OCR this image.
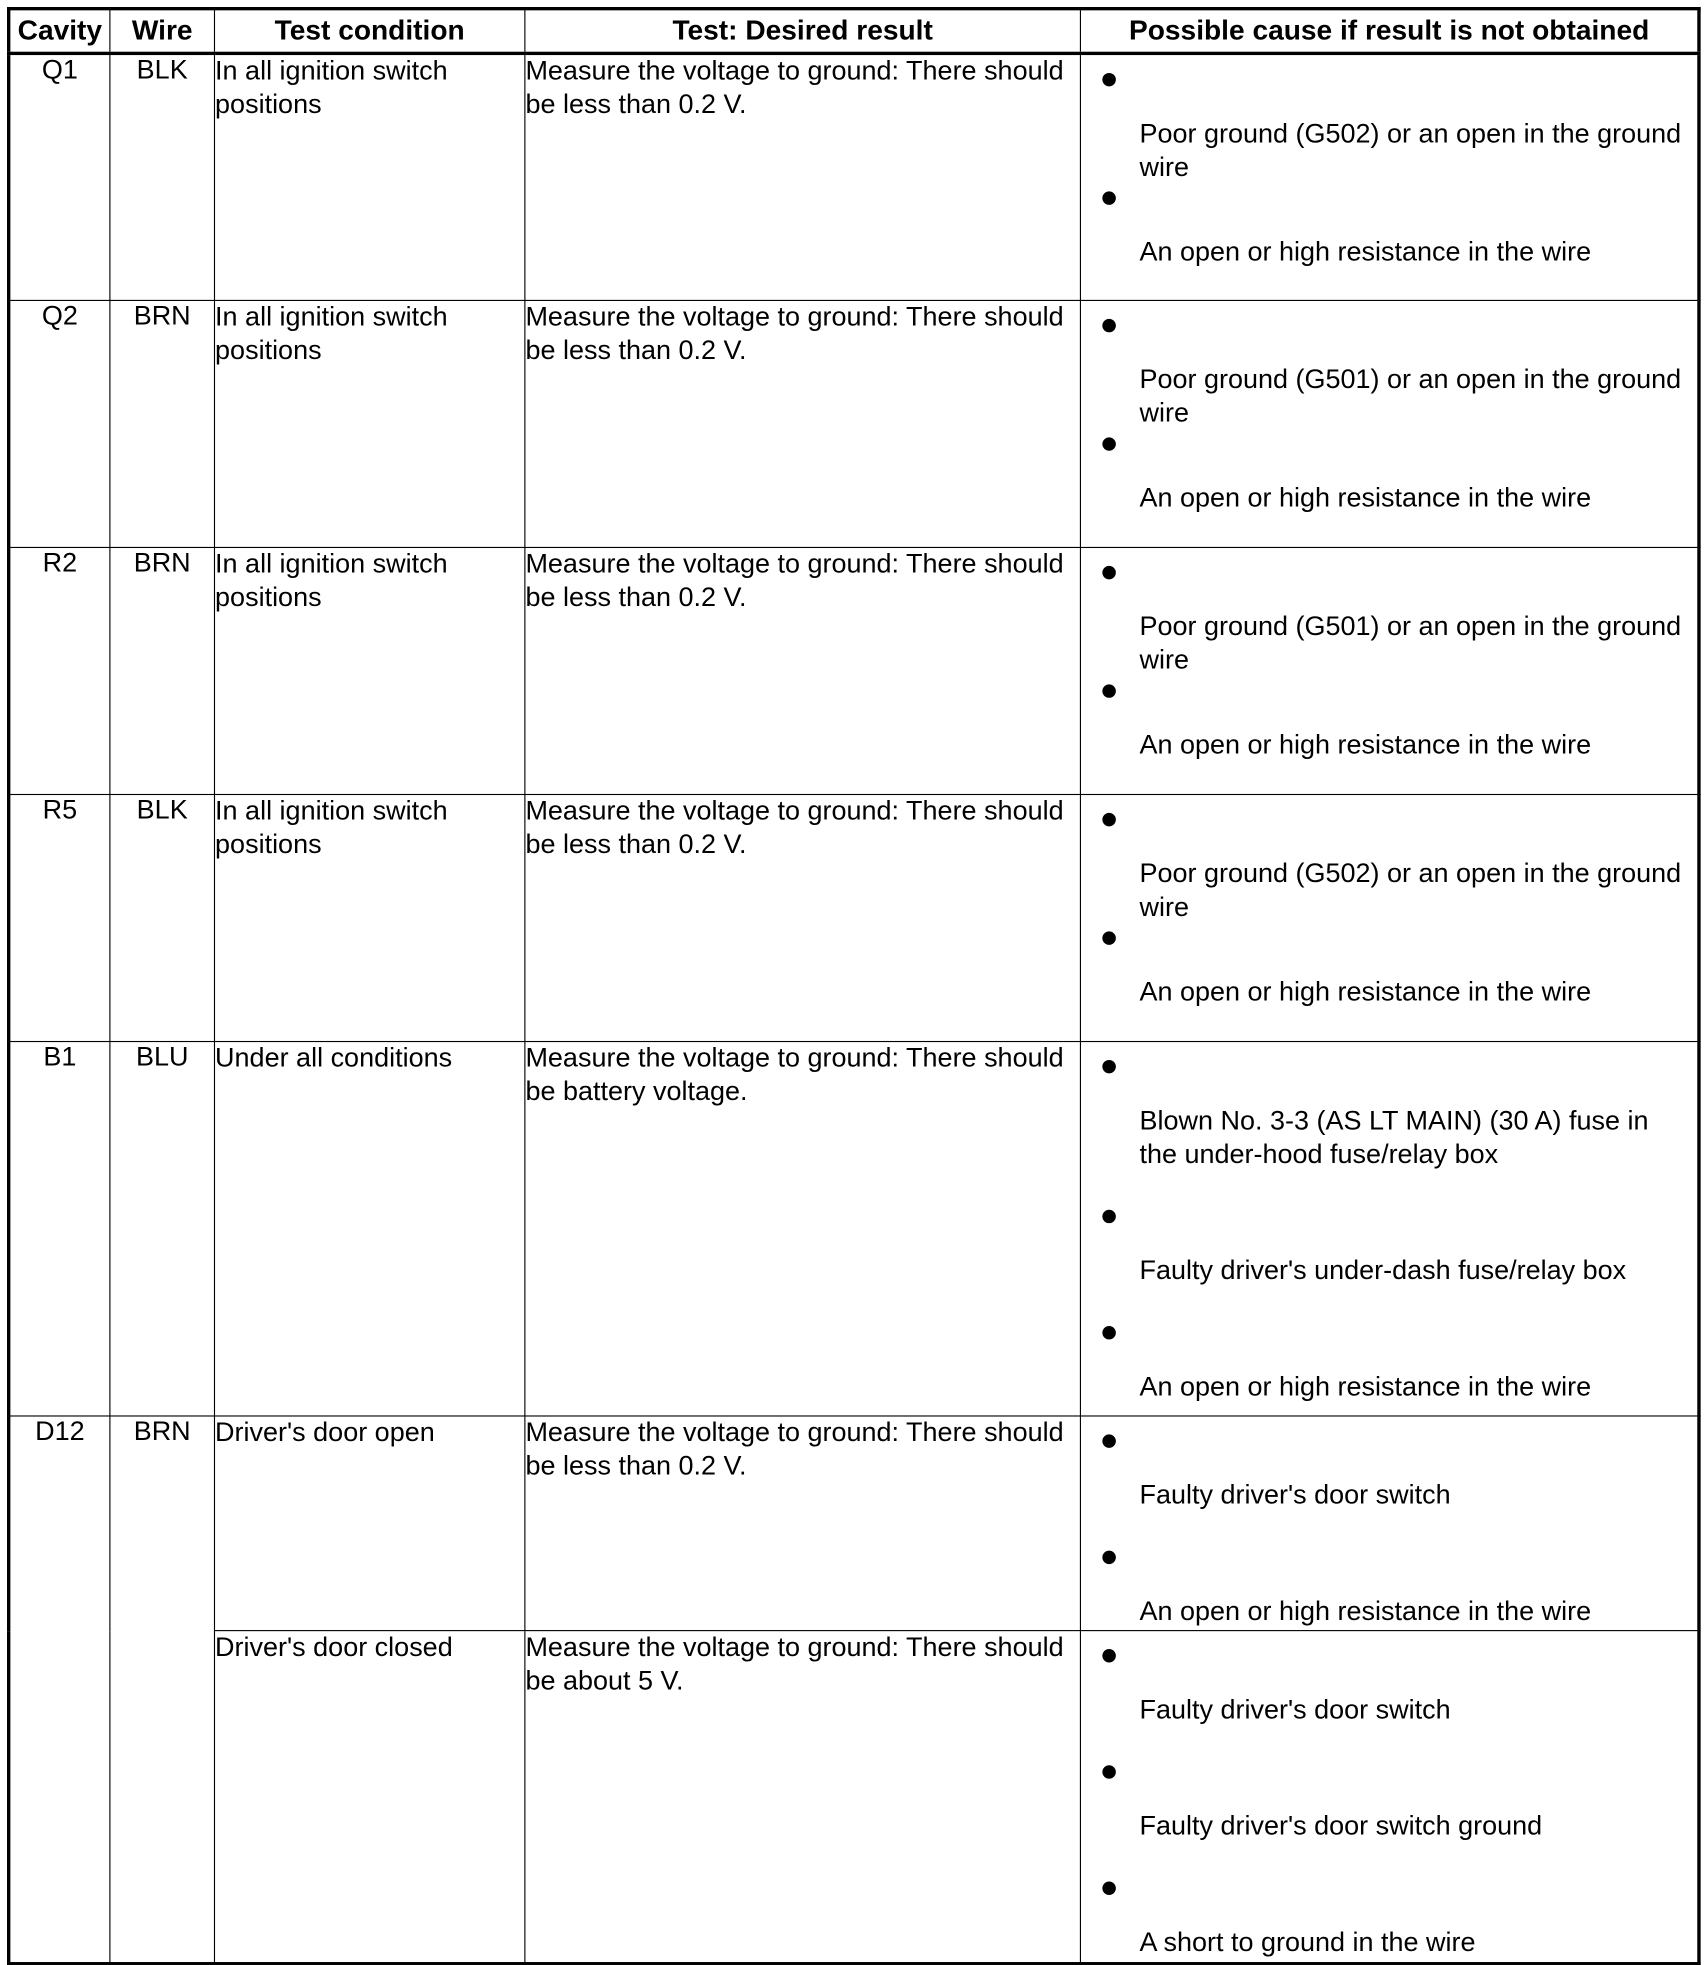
Cavity	Wire	Test condition	Test: Desired result	Possible cause if result is not obtained
Q1	BLK	In all ignition switch positions	Measure the voltage to ground: There should be less than 0.2 V.	Poor ground (G502) or an open in the ground wire
An open or high resistance in the wire

Q2	BRN	In all ignition switch positions	Measure the voltage to ground: There should be less than 0.2 V.	Poor ground (G501) or an open in the ground wire
An open or high resistance in the wire

R2	BRN	In all ignition switch positions	Measure the voltage to ground: There should be less than 0.2 V.	Poor ground (G501) or an open in the ground wire
An open or high resistance in the wire

R5	BLK	In all ignition switch positions	Measure the voltage to ground: There should be less than 0.2 V.	Poor ground (G502) or an open in the ground wire
An open or high resistance in the wire

B1	BLU	Under all conditions	Measure the voltage to ground: There should be battery voltage.	Blown No. 3-3 (AS LT MAIN) (30 A) fuse in the under-hood fuse/relay box
Faulty driver's under-dash fuse/relay box
An open or high resistance in the wire

D12	BRN	Driver's door open	Measure the voltage to ground: There should be less than 0.2 V.	Faulty driver's door switch
An open or high resistance in the wire

		Driver's door closed	Measure the voltage to ground: There should be about 5 V.	Faulty driver's door switch
Faulty driver's door switch ground
A short to ground in the wire
